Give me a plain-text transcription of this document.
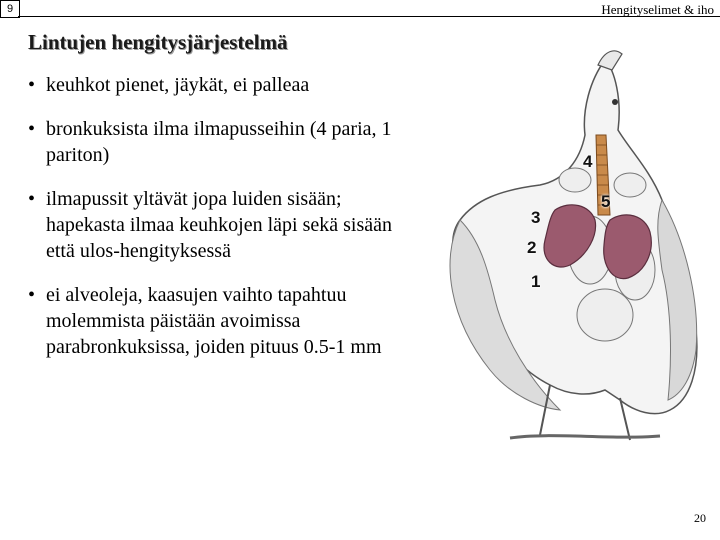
9	Hengityselimet & iho
Lintujen hengitysjärjestelmä
• keuhkot pienet, jäykät, ei palleaa
• bronkuksista ilma ilmapusseihin (4 paria, 1 pariton)
• ilmapussit yltävät jopa luiden sisään; hapekasta ilmaa keuhkojen läpi sekä sisään että ulos-hengityksessä
• ei alveoleja, kaasujen vaihto tapahtuu molemmista päistään avoimissa parabronkuksissa, joiden pituus 0.5-1 mm
4
5
3
2
1
20
